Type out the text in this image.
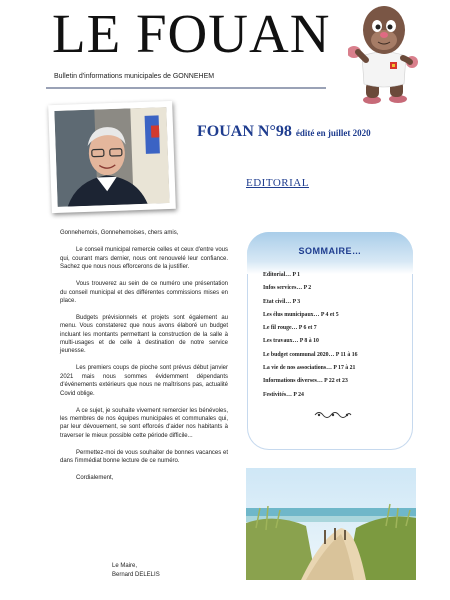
LE FOUAN
Bulletin d'informations municipales de GONNEHEM
FOUAN N°98 édité en juillet 2020
EDITORIAL

Gonnehemois, Gonnehemoises, chers amis,

Le conseil municipal remercie celles et ceux d'entre vous qui, courant mars dernier, nous ont renouvelé leur confiance. Sachez que nous nous efforcerons de la justifier.

Vous trouverez au sein de ce numéro une présentation du conseil municipal et des différentes commissions mises en place.

Budgets prévisionnels et projets sont également au menu. Vous constaterez que nous avons élaboré un budget incluant les montants permettant la construction de la salle à multi-usages et de celle à destination de notre service jeunesse.

Les premiers coups de pioche sont prévus début janvier 2021 mais nous sommes évidemment dépendants d'événements extérieurs que nous ne maîtrisons pas, actualité Covid oblige.

A ce sujet, je souhaite vivement remercier les bénévoles, les membres de nos équipes municipales et communales qui, par leur dévouement, se sont efforcés d'aider nos habitants à traverser le mieux possible cette période difficile...

Permettez-moi de vous souhaiter de bonnes vacances et dans l'immédiat bonne lecture de ce numéro.

Cordialement,

Le Maire,
Bernard DELELIS
SOMMAIRE…
Editorial… P 1
Infos services… P 2
Etat civil… P 3
Les élus municipaux… P 4 et 5
Le fil rouge… P 6 et 7
Les travaux… P 8 à 10
Le budget communal 2020… P 11 à 16
La vie de nos associations… P 17 à 21
Informations diverses… P 22 et 23
Festivités… P 24
